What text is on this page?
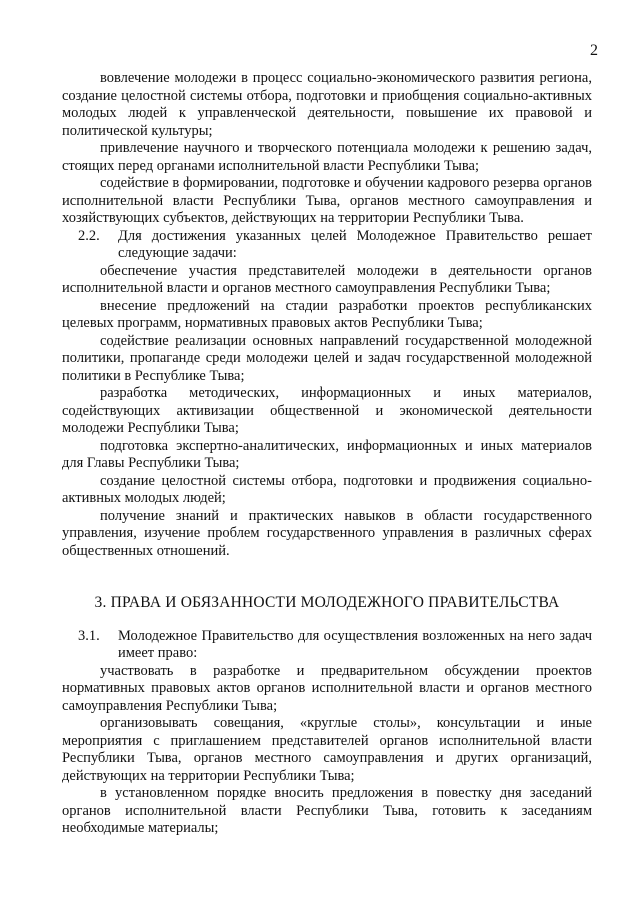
2

вовлечение молодежи в процесс социально-экономического развития региона, создание целостной системы отбора, подготовки и приобщения социально-активных молодых людей к управленческой деятельности, повышение их правовой и политической культуры;

привлечение научного и творческого потенциала молодежи к решению задач, стоящих перед органами исполнительной власти Республики Тыва;

содействие в формировании, подготовке и обучении кадрового резерва органов исполнительной власти Республики Тыва, органов местного самоуправления и хозяйствующих субъектов, действующих на территории Республики Тыва.

2.2. Для достижения указанных целей Молодежное Правительство решает следующие задачи:

обеспечение участия представителей молодежи в деятельности органов исполнительной власти и органов местного самоуправления Республики Тыва;

внесение предложений на стадии разработки проектов республиканских целевых программ, нормативных правовых актов Республики Тыва;

содействие реализации основных направлений государственной молодежной политики, пропаганде среди молодежи целей и задач государственной молодежной политики в Республике Тыва;

разработка методических, информационных и иных материалов, содействующих активизации общественной и экономической деятельности молодежи Республики Тыва;

подготовка экспертно-аналитических, информационных и иных материалов для Главы Республики Тыва;

создание целостной системы отбора, подготовки и продвижения социально-активных молодых людей;

получение знаний и практических навыков в области государственного управления, изучение проблем государственного управления в различных сферах общественных отношений.

3. ПРАВА И ОБЯЗАННОСТИ МОЛОДЕЖНОГО ПРАВИТЕЛЬСТВА

3.1. Молодежное Правительство для осуществления возложенных на него задач имеет право:

участвовать в разработке и предварительном обсуждении проектов нормативных правовых актов органов исполнительной власти и органов местного самоуправления Республики Тыва;

организовывать совещания, «круглые столы», консультации и иные мероприятия с приглашением представителей органов исполнительной власти Республики Тыва, органов местного самоуправления и других организаций, действующих на территории Республики Тыва;

в установленном порядке вносить предложения в повестку дня заседаний органов исполнительной власти Республики Тыва, готовить к заседаниям необходимые материалы;
